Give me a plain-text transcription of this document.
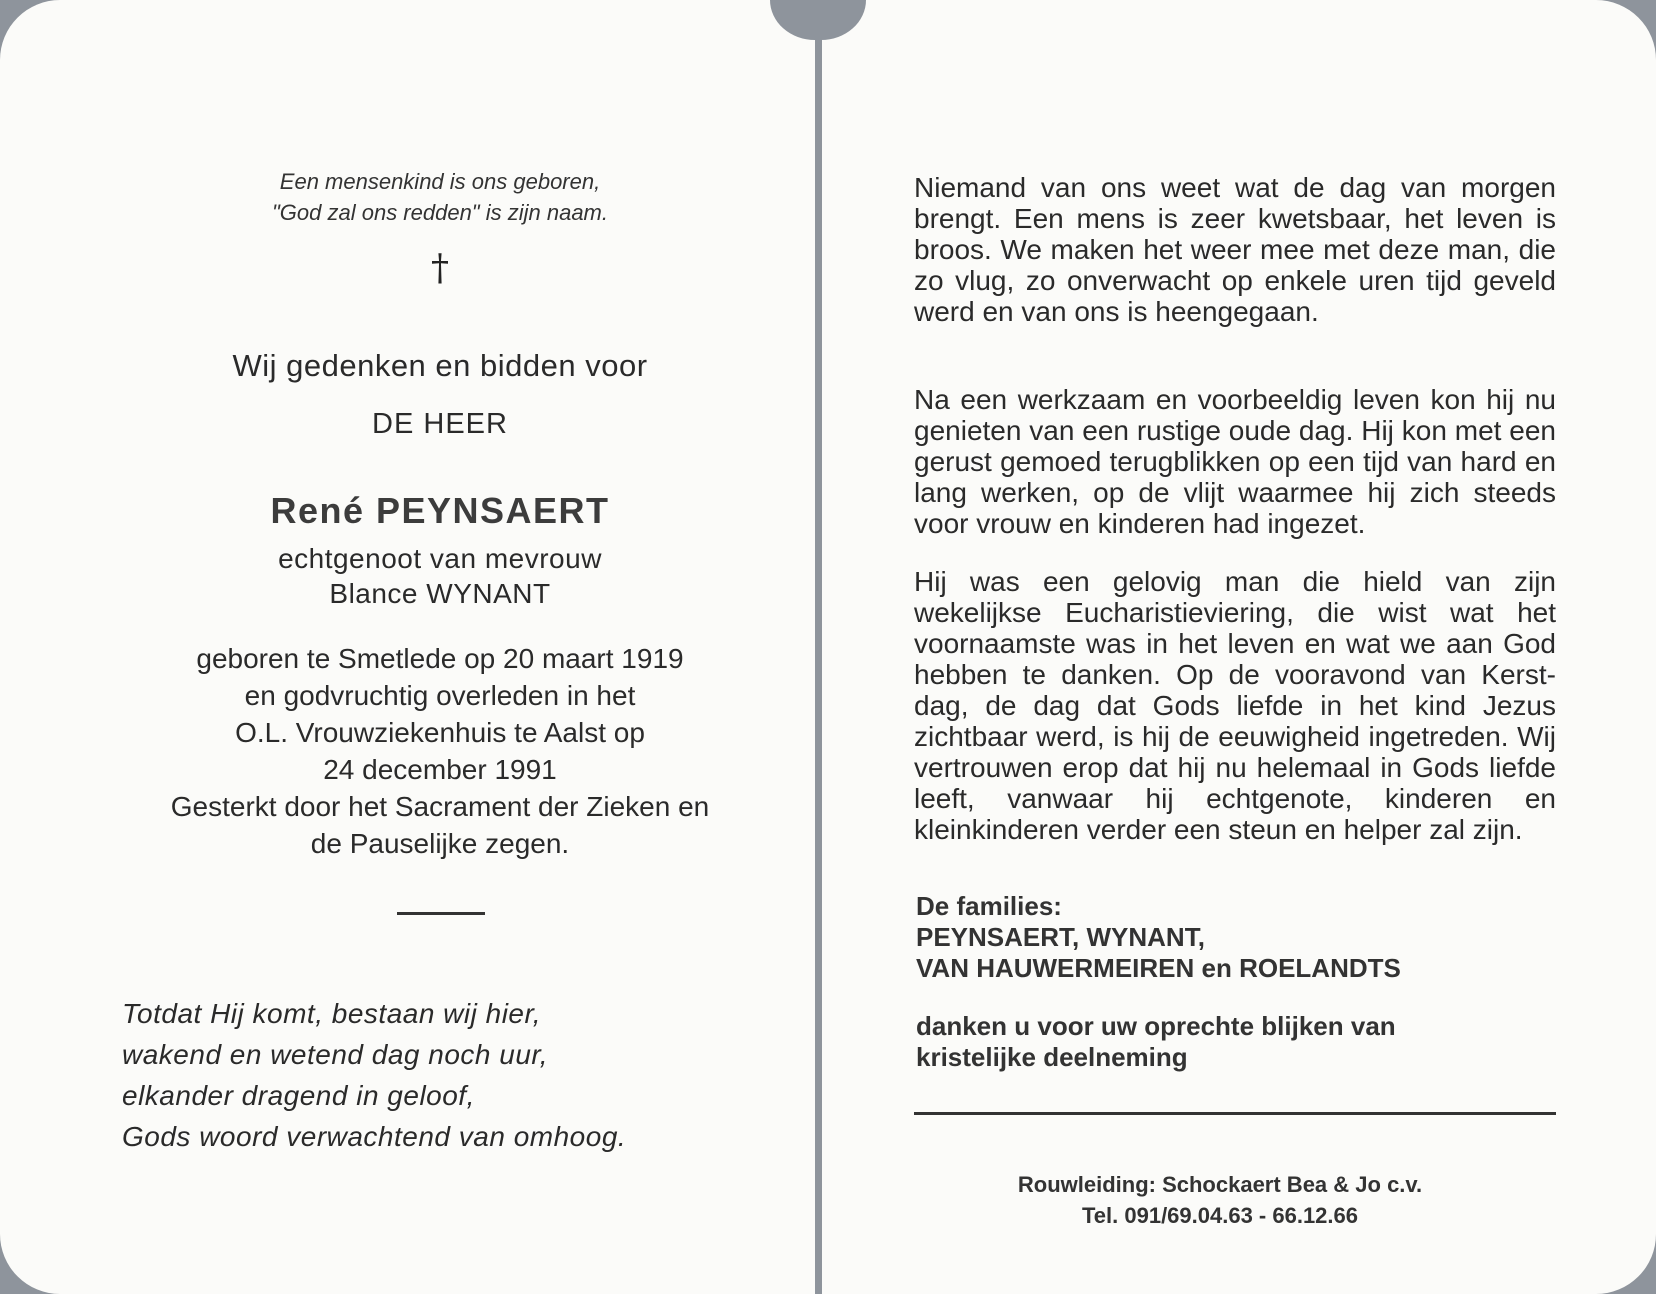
Een mensenkind is ons geboren,
"God zal ons redden" is zijn naam.
†
Wij gedenken en bidden voor
DE HEER
René PEYNSAERT
echtgenoot van mevrouw
Blance WYNANT
geboren te Smetlede op 20 maart 1919
en godvruchtig overleden in het
O.L. Vrouwziekenhuis te Aalst op
24 december 1991
Gesterkt door het Sacrament der Zieken en
de Pauselijke zegen.
Totdat Hij komt, bestaan wij hier,
wakend en wetend dag noch uur,
elkander dragend in geloof,
Gods woord verwachtend van omhoog.
Niemand van ons weet wat de dag van morgen brengt. Een mens is zeer kwetsbaar, het leven is broos. We maken het weer mee met deze man, die zo vlug, zo onverwacht op enkele uren tijd geveld werd en van ons is heengegaan.
Na een werkzaam en voorbeeldig leven kon hij nu genieten van een rustige oude dag. Hij kon met een gerust gemoed terugblikken op een tijd van hard en lang werken, op de vlijt waarmee hij zich steeds voor vrouw en kinderen had ingezet.
Hij was een gelovig man die hield van zijn wekelijkse Eucharistieviering, die wist wat het voornaamste was in het leven en wat we aan God hebben te danken. Op de vooravond van Kerst-dag, de dag dat Gods liefde in het kind Jezus zichtbaar werd, is hij de eeuwigheid ingetreden. Wij vertrouwen erop dat hij nu helemaal in Gods liefde leeft, vanwaar hij echtgenote, kinderen en kleinkinderen verder een steun en helper zal zijn.
De families:
PEYNSAERT, WYNANT,
VAN HAUWERMEIREN en ROELANDTS
danken u voor uw oprechte blijken van
kristelijke deelneming
Rouwleiding: Schockaert Bea & Jo c.v.
Tel. 091/69.04.63 - 66.12.66
